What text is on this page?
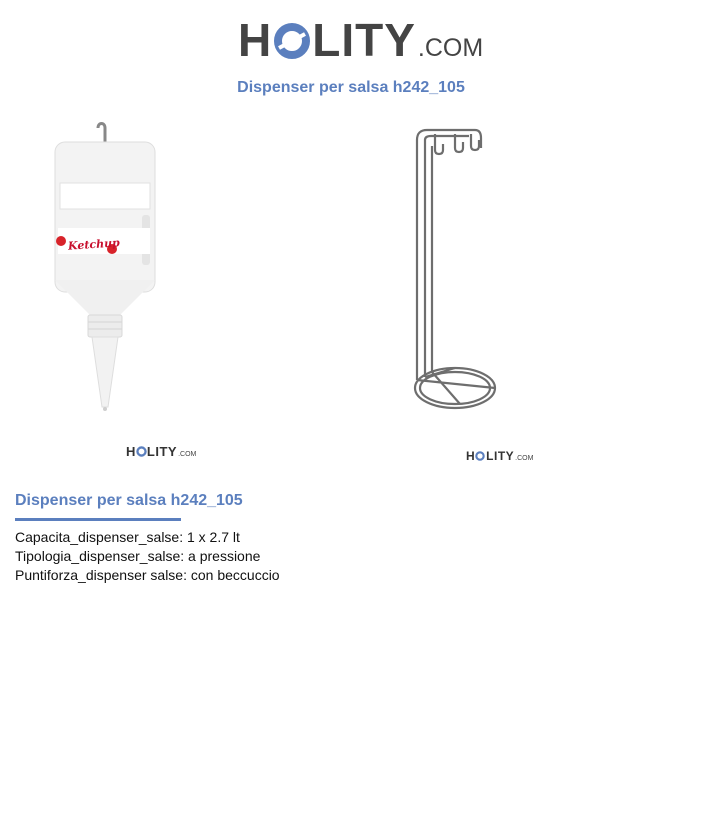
H LITY .COM
Dispenser per salsa h242_105
Ketchup
H LITY .COM	H LITY .COM
Dispenser per salsa h242_105
Capacita_dispenser_salse: 1 x 2.7 lt
Tipologia_dispenser_salse: a pressione
Puntiforza_dispenser salse: con beccuccio
